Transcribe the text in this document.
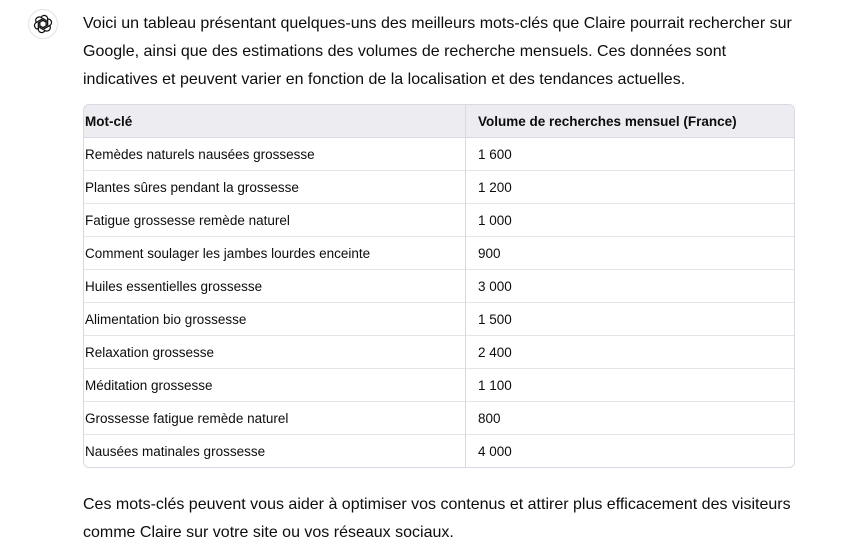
Voici un tableau présentant quelques-uns des meilleurs mots-clés que Claire pourrait rechercher sur Google, ainsi que des estimations des volumes de recherche mensuels. Ces données sont indicatives et peuvent varier en fonction de la localisation et des tendances actuelles.

Mot-clé	Volume de recherches mensuel (France)
Remèdes naturels nausées grossesse	1 600
Plantes sûres pendant la grossesse	1 200
Fatigue grossesse remède naturel	1 000
Comment soulager les jambes lourdes enceinte	900
Huiles essentielles grossesse	3 000
Alimentation bio grossesse	1 500
Relaxation grossesse	2 400
Méditation grossesse	1 100
Grossesse fatigue remède naturel	800
Nausées matinales grossesse	4 000

Ces mots-clés peuvent vous aider à optimiser vos contenus et attirer plus efficacement des visiteurs comme Claire sur votre site ou vos réseaux sociaux.
